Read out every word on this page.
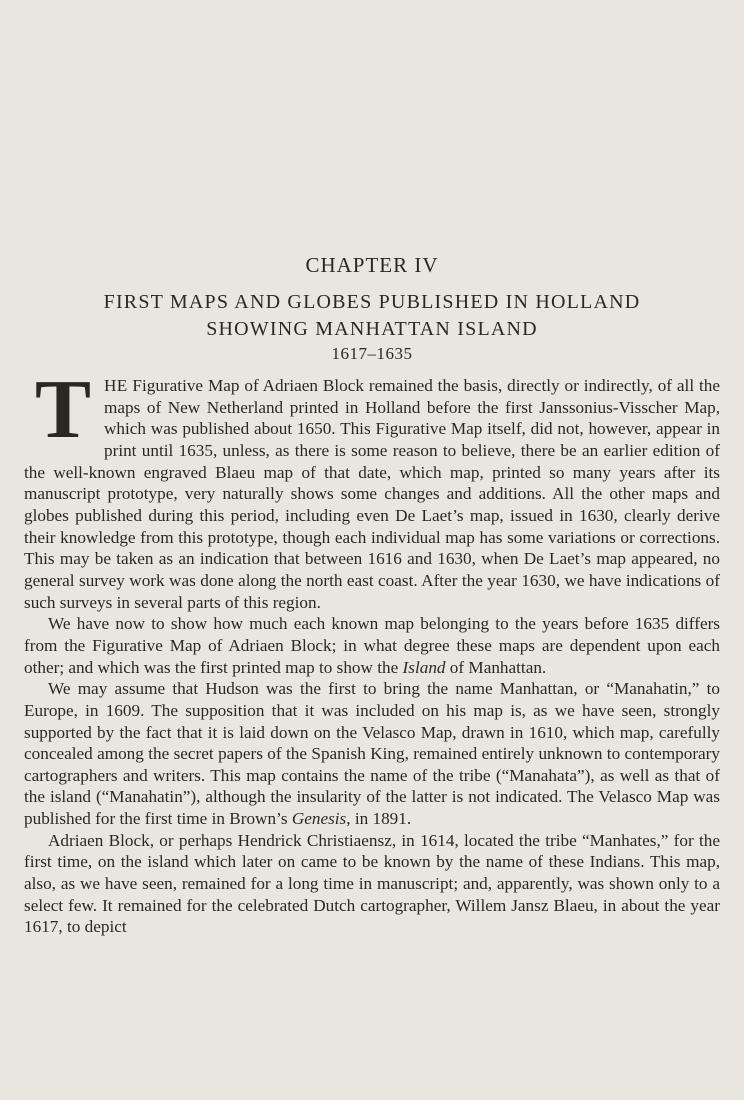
CHAPTER IV
FIRST MAPS AND GLOBES PUBLISHED IN HOLLAND
SHOWING MANHATTAN ISLAND
1617–1635

THE Figurative Map of Adriaen Block remained the basis, directly or indirectly, of all the maps of New Netherland printed in Holland before the first Janssonius-Visscher Map, which was published about 1650. This Figurative Map itself, did not, however, appear in print until 1635, unless, as there is some reason to believe, there be an earlier edition of the well-known engraved Blaeu map of that date, which map, printed so many years after its manuscript prototype, very naturally shows some changes and additions. All the other maps and globes published during this period, including even De Laet’s map, issued in 1630, clearly derive their knowledge from this prototype, though each individual map has some variations or corrections. This may be taken as an indication that between 1616 and 1630, when De Laet’s map appeared, no general survey work was done along the north east coast. After the year 1630, we have indications of such surveys in several parts of this region.

We have now to show how much each known map belonging to the years before 1635 differs from the Figurative Map of Adriaen Block; in what degree these maps are dependent upon each other; and which was the first printed map to show the Island of Manhattan.

We may assume that Hudson was the first to bring the name Manhattan, or “Manahatin,” to Europe, in 1609. The supposition that it was included on his map is, as we have seen, strongly supported by the fact that it is laid down on the Velasco Map, drawn in 1610, which map, carefully concealed among the secret papers of the Spanish King, remained entirely unknown to contemporary cartographers and writers. This map contains the name of the tribe (“Manahata”), as well as that of the island (“Manahatin”), although the insularity of the latter is not indicated. The Velasco Map was published for the first time in Brown’s Genesis, in 1891.

Adriaen Block, or perhaps Hendrick Christiaensz, in 1614, located the tribe “Manhates,” for the first time, on the island which later on came to be known by the name of these Indians. This map, also, as we have seen, remained for a long time in manuscript; and, apparently, was shown only to a select few. It remained for the celebrated Dutch cartographer, Willem Jansz Blaeu, in about the year 1617, to depict
